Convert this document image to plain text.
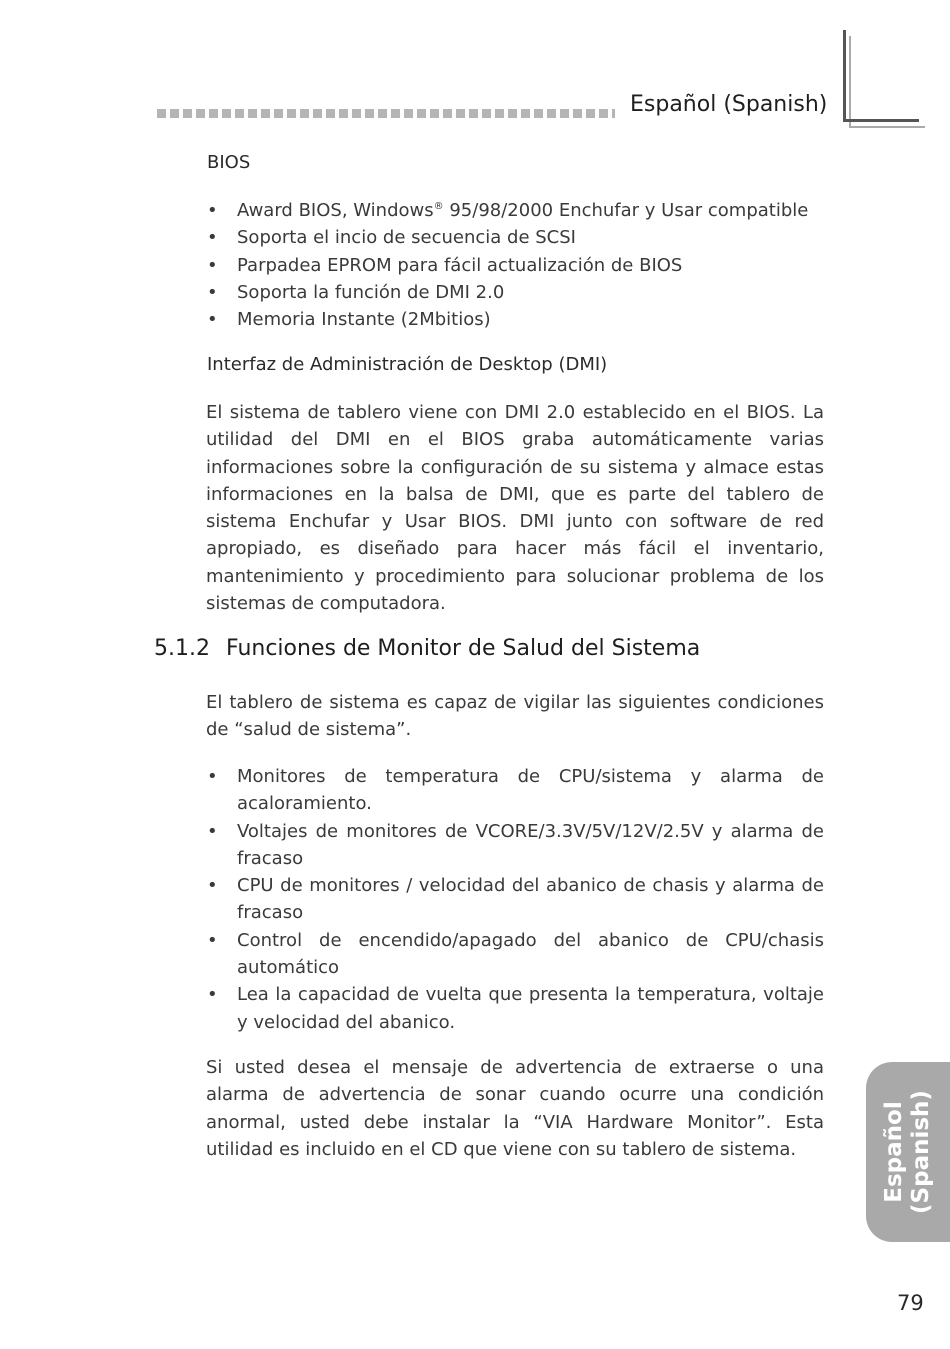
Español (Spanish)
BIOS
• Award BIOS, Windows® 95/98/2000 Enchufar y Usar compatible
• Soporta el incio de secuencia de SCSI
• Parpadea EPROM para fácil actualización de BIOS
• Soporta la función de DMI 2.0
• Memoria Instante (2Mbitios)
Interfaz de Administración de Desktop (DMI)
El sistema de tablero viene con DMI 2.0 establecido en el BIOS. La utilidad del DMI en el BIOS graba automáticamente varias informaciones sobre la configuración de su sistema y almace estas informaciones en la balsa de DMI, que es parte del tablero de sistema Enchufar y Usar BIOS. DMI junto con software de red apropiado, es diseñado para hacer más fácil el inventario, mantenimiento y procedimiento para solucionar problema de los sistemas de computadora.
5.1.2 Funciones de Monitor de Salud del Sistema
El tablero de sistema es capaz de vigilar las siguientes condiciones de “salud de sistema”.
• Monitores de temperatura de CPU/sistema y alarma de acaloramiento.
• Voltajes de monitores de VCORE/3.3V/5V/12V/2.5V y alarma de fracaso
• CPU de monitores / velocidad del abanico de chasis y alarma de fracaso
• Control de encendido/apagado del abanico de CPU/chasis automático
• Lea la capacidad de vuelta que presenta la temperatura, voltaje y velocidad del abanico.
Si usted desea el mensaje de advertencia de extraerse o una alarma de advertencia de sonar cuando ocurre una condición anormal, usted debe instalar la “VIA Hardware Monitor”. Esta utilidad es incluido en el CD que viene con su tablero de sistema.	Español (Spanish)
79
